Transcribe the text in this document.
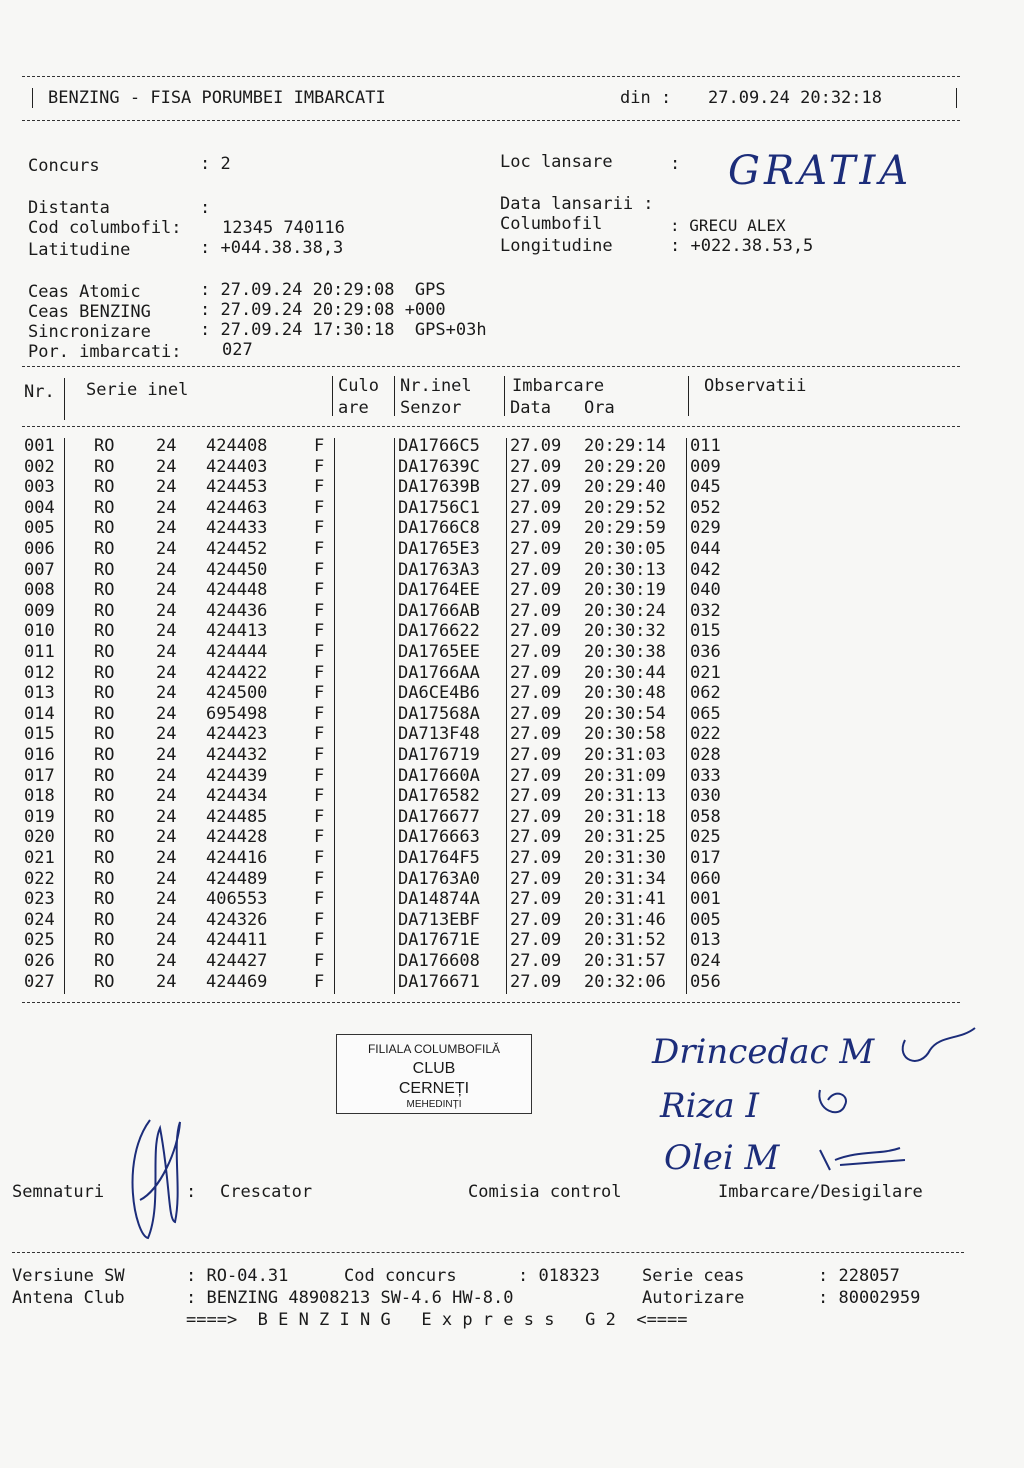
BENZING - FISA PORUMBEI IMBARCATI	din : 27.09.24 20:32:18
Concurs	: 2	Loc lansare	: GRATIA
Distanta	:	Data lansarii :
Cod columbofil: 12345 740116	Columbofil	: GRECU ALEX
Latitudine	: +044.38.38,3	Longitudine	: +022.38.53,5
Ceas Atomic	: 27.09.24 20:29:08  GPS
Ceas BENZING	: 27.09.24 20:29:08 +000
Sincronizare	: 27.09.24 17:30:18  GPS+03h
Por. imbarcati: 027
Nr. Serie inel	Culo
are
Nr.inel
Senzor
Imbarcare
Data Ora
Observatii
001 RO 24 424408	F	DA1766C5 27.09 20:29:14 011
002 RO 24 424403	F	DA17639C 27.09 20:29:20 009
003 RO 24 424453	F	DA17639B 27.09 20:29:40 045
004 RO 24 424463	F	DA1756C1 27.09 20:29:52 052
005 RO 24 424433	F	DA1766C8 27.09 20:29:59 029
006 RO 24 424452	F	DA1765E3 27.09 20:30:05 044
007 RO 24 424450	F	DA1763A3 27.09 20:30:13 042
008 RO 24 424448	F	DA1764EE 27.09 20:30:19 040
009 RO 24 424436	F	DA1766AB 27.09 20:30:24 032
010 RO 24 424413	F	DA176622 27.09 20:30:32 015
011 RO 24 424444	F	DA1765EE 27.09 20:30:38 036
012 RO 24 424422	F	DA1766AA 27.09 20:30:44 021
013 RO 24 424500	F	DA6CE4B6 27.09 20:30:48 062
014 RO 24 695498	F	DA17568A 27.09 20:30:54 065
015 RO 24 424423	F	DA713F48 27.09 20:30:58 022
016 RO 24 424432	F	DA176719 27.09 20:31:03 028
017 RO 24 424439	F	DA17660A 27.09 20:31:09 033
018 RO 24 424434	F	DA176582 27.09 20:31:13 030
019 RO 24 424485	F	DA176677 27.09 20:31:18 058
020 RO 24 424428	F	DA176663 27.09 20:31:25 025
021 RO 24 424416	F	DA1764F5 27.09 20:31:30 017
022 RO 24 424489	F	DA1763A0 27.09 20:31:34 060
023 RO 24 406553	F	DA14874A 27.09 20:31:41 001
024 RO 24 424326	F	DA713EBF 27.09 20:31:46 005
025 RO 24 424411	F	DA17671E 27.09 20:31:52 013
026 RO 24 424427	F	DA176608 27.09 20:31:57 024
027 RO 24 424469	F	DA176671 27.09 20:32:06 056
FILIALA COLUMBOFILĂ
CLUB
CERNEȚI
MEHEDINȚI
Drincedac M
Riza I
Olei M
Semnaturi	: Crescator	Comisia control	Imbarcare/Desigilare
Versiune SW	: RO-04.31	Cod concurs	: 018323 Serie ceas	: 228057
Antena Club	: BENZING 48908213 SW-4.6 HW-8.0	Autorizare	: 80002959
====>  B E N Z I N G   E x p r e s s   G 2  <====
